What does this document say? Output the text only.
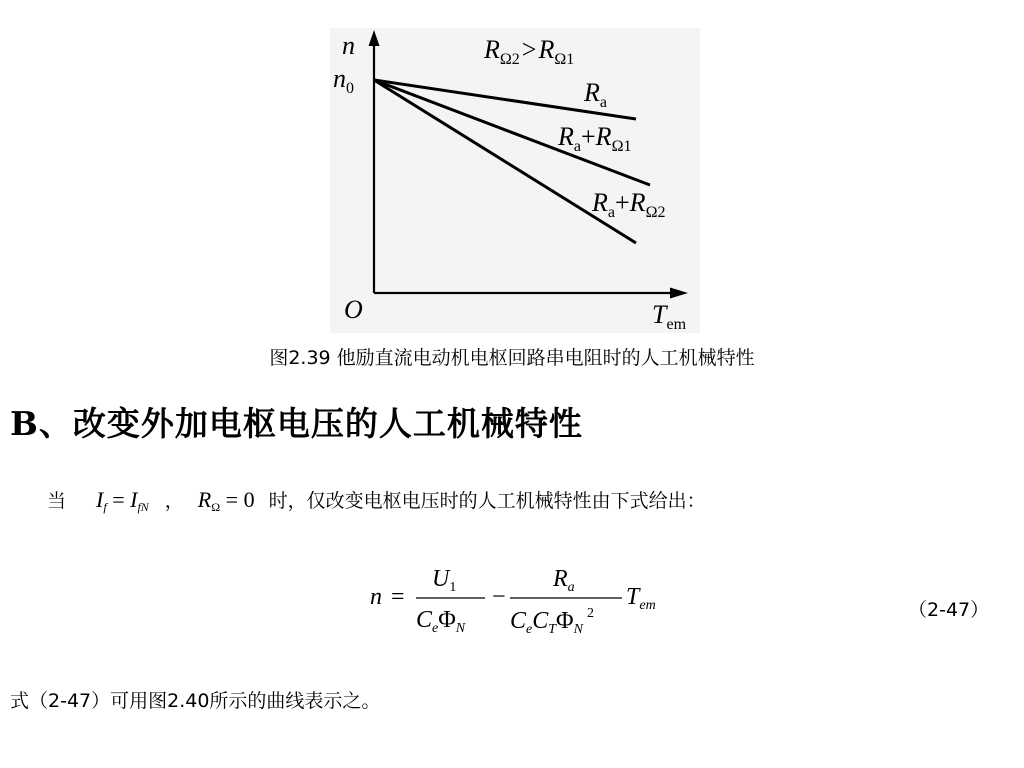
n
$n_0$
O	$T_{em}$
$R_{\Omega 2}>R_{\Omega 1}$
$R_a$
$R_a+R_{\Omega 1}$
$R_a+R_{\Omega 2}$
图2.39 他励直流电动机电枢回路串电阻时的人工机械特性
B、改变外加电枢电压的人工机械特性
当 $I_f = I_{fN}$ ， $R_\Omega = 0$ 时，仅改变电枢电压时的人工机械特性由下式给出：
n =
$U_1$
$C_e\Phi_N$
−
$R_a$
$C_eC_T\Phi_N^2$
$T_{em}$	（2-47）
式（2-47）可用图2.40所示的曲线表示之。
